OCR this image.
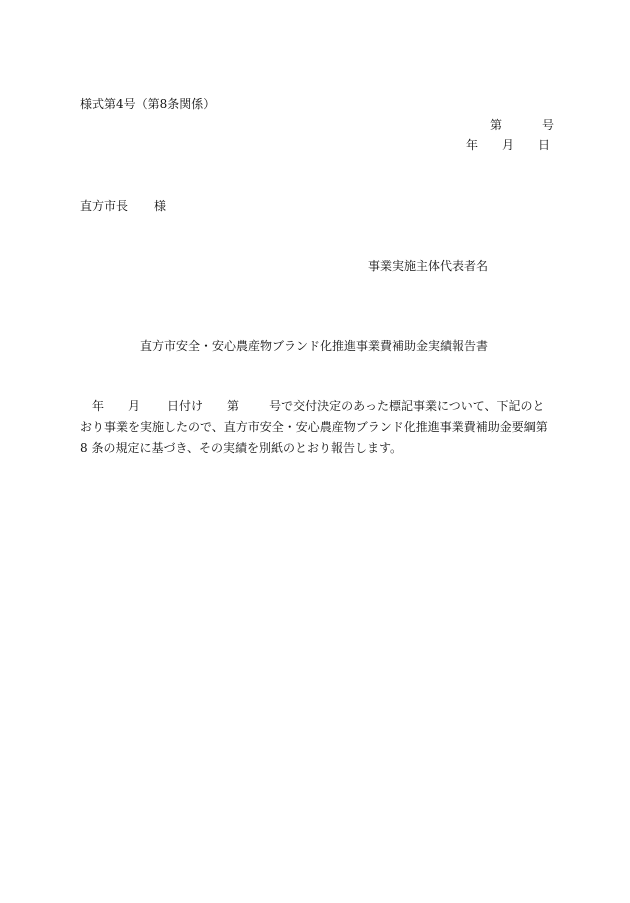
様式第4号（第8条関係）
第	号
年 月 日
直方市長 様
事業実施主体代表者名
直方市安全・安心農産物ブランド化推進事業費補助金実績報告書
年 月 日付け 第	号で交付決定のあった標記事業について、下記のと
おり事業を実施したので、直方市安全・安心農産物ブランド化推進事業費補助金要綱第
8 条の規定に基づき、その実績を別紙のとおり報告します。
